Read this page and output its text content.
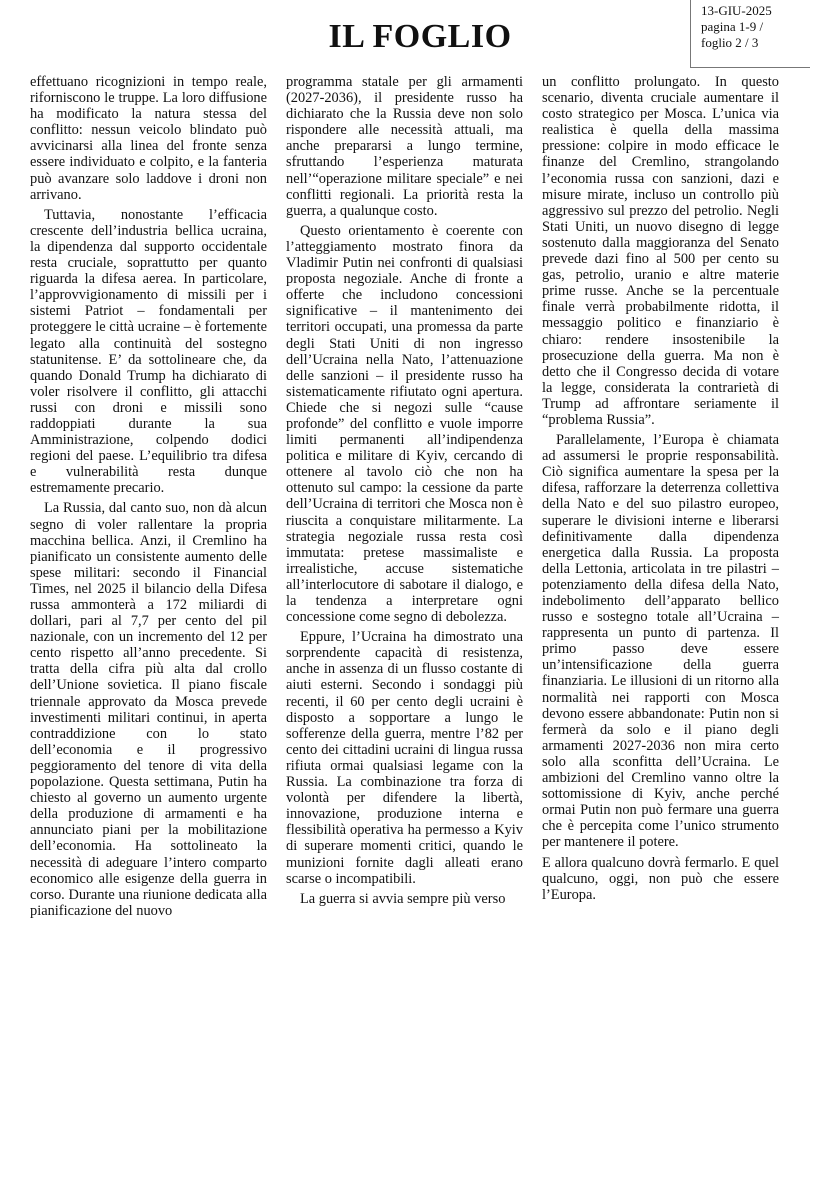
IL FOGLIO
13-GIU-2025
pagina 1-9 /
foglio 2 / 3

effettuano ricognizioni in tempo reale, riforniscono le truppe. La loro diffusione ha modificato la natura stessa del conflitto: nessun veicolo blindato può avvicinarsi alla linea del fronte senza essere individuato e colpito, e la fanteria può avanzare solo laddove i droni non arrivano.

Tuttavia, nonostante l’efficacia crescente dell’industria bellica ucraina, la dipendenza dal supporto occidentale resta cruciale, soprattutto per quanto riguarda la difesa aerea. In particolare, l’approvvigionamento di missili per i sistemi Patriot – fondamentali per proteggere le città ucraine – è fortemente legato alla continuità del sostegno statunitense. E’ da sottolineare che, da quando Donald Trump ha dichiarato di voler risolvere il conflitto, gli attacchi russi con droni e missili sono raddoppiati durante la sua Amministrazione, colpendo dodici regioni del paese. L’equilibrio tra difesa e vulnerabilità resta dunque estremamente precario.

La Russia, dal canto suo, non dà alcun segno di voler rallentare la propria macchina bellica. Anzi, il Cremlino ha pianificato un consistente aumento delle spese militari: secondo il Financial Times, nel 2025 il bilancio della Difesa russa ammonterà a 172 miliardi di dollari, pari al 7,7 per cento del pil nazionale, con un incremento del 12 per cento rispetto all’anno precedente. Si tratta della cifra più alta dal crollo dell’Unione sovietica. Il piano fiscale triennale approvato da Mosca prevede investimenti militari continui, in aperta contraddizione con lo stato dell’economia e il progressivo peggioramento del tenore di vita della popolazione. Questa settimana, Putin ha chiesto al governo un aumento urgente della produzione di armamenti e ha annunciato piani per la mobilitazione dell’economia. Ha sottolineato la necessità di adeguare l’intero comparto economico alle esigenze della guerra in corso. Durante una riunione dedicata alla pianificazione del nuovo

programma statale per gli armamenti (2027-2036), il presidente russo ha dichiarato che la Russia deve non solo rispondere alle necessità attuali, ma anche prepararsi a lungo termine, sfruttando l’esperienza maturata nell’“operazione militare speciale” e nei conflitti regionali. La priorità resta la guerra, a qualunque costo.

Questo orientamento è coerente con l’atteggiamento mostrato finora da Vladimir Putin nei confronti di qualsiasi proposta negoziale. Anche di fronte a offerte che includono concessioni significative – il mantenimento dei territori occupati, una promessa da parte degli Stati Uniti di non ingresso dell’Ucraina nella Nato, l’attenuazione delle sanzioni – il presidente russo ha sistematicamente rifiutato ogni apertura. Chiede che si negozi sulle “cause profonde” del conflitto e vuole imporre limiti permanenti all’indipendenza politica e militare di Kyiv, cercando di ottenere al tavolo ciò che non ha ottenuto sul campo: la cessione da parte dell’Ucraina di territori che Mosca non è riuscita a conquistare militarmente. La strategia negoziale russa resta così immutata: pretese massimaliste e irrealistiche, accuse sistematiche all’interlocutore di sabotare il dialogo, e la tendenza a interpretare ogni concessione come segno di debolezza.

Eppure, l’Ucraina ha dimostrato una sorprendente capacità di resistenza, anche in assenza di un flusso costante di aiuti esterni. Secondo i sondaggi più recenti, il 60 per cento degli ucraini è disposto a sopportare a lungo le sofferenze della guerra, mentre l’82 per cento dei cittadini ucraini di lingua russa rifiuta ormai qualsiasi legame con la Russia. La combinazione tra forza di volontà per difendere la libertà, innovazione, produzione interna e flessibilità operativa ha permesso a Kyiv di superare momenti critici, quando le munizioni fornite dagli alleati erano scarse o incompatibili.

La guerra si avvia sempre più verso

un conflitto prolungato. In questo scenario, diventa cruciale aumentare il costo strategico per Mosca. L’unica via realistica è quella della massima pressione: colpire in modo efficace le finanze del Cremlino, strangolando l’economia russa con sanzioni, dazi e misure mirate, incluso un controllo più aggressivo sul prezzo del petrolio. Negli Stati Uniti, un nuovo disegno di legge sostenuto dalla maggioranza del Senato prevede dazi fino al 500 per cento su gas, petrolio, uranio e altre materie prime russe. Anche se la percentuale finale verrà probabilmente ridotta, il messaggio politico e finanziario è chiaro: rendere insostenibile la prosecuzione della guerra. Ma non è detto che il Congresso decida di votare la legge, considerata la contrarietà di Trump ad affrontare seriamente il “problema Russia”.

Parallelamente, l’Europa è chiamata ad assumersi le proprie responsabilità. Ciò significa aumentare la spesa per la difesa, rafforzare la deterrenza collettiva della Nato e del suo pilastro europeo, superare le divisioni interne e liberarsi definitivamente dalla dipendenza energetica dalla Russia. La proposta della Lettonia, articolata in tre pilastri – potenziamento della difesa della Nato, indebolimento dell’apparato bellico russo e sostegno totale all’Ucraina – rappresenta un punto di partenza. Il primo passo deve essere un’intensificazione della guerra finanziaria. Le illusioni di un ritorno alla normalità nei rapporti con Mosca devono essere abbandonate: Putin non si fermerà da solo e il piano degli armamenti 2027-2036 non mira certo solo alla sconfitta dell’Ucraina. Le ambizioni del Cremlino vanno oltre la sottomissione di Kyiv, anche perché ormai Putin non può fermare una guerra che è percepita come l’unico strumento per mantenere il potere.

E allora qualcuno dovrà fermarlo. E quel qualcuno, oggi, non può che essere l’Europa.
